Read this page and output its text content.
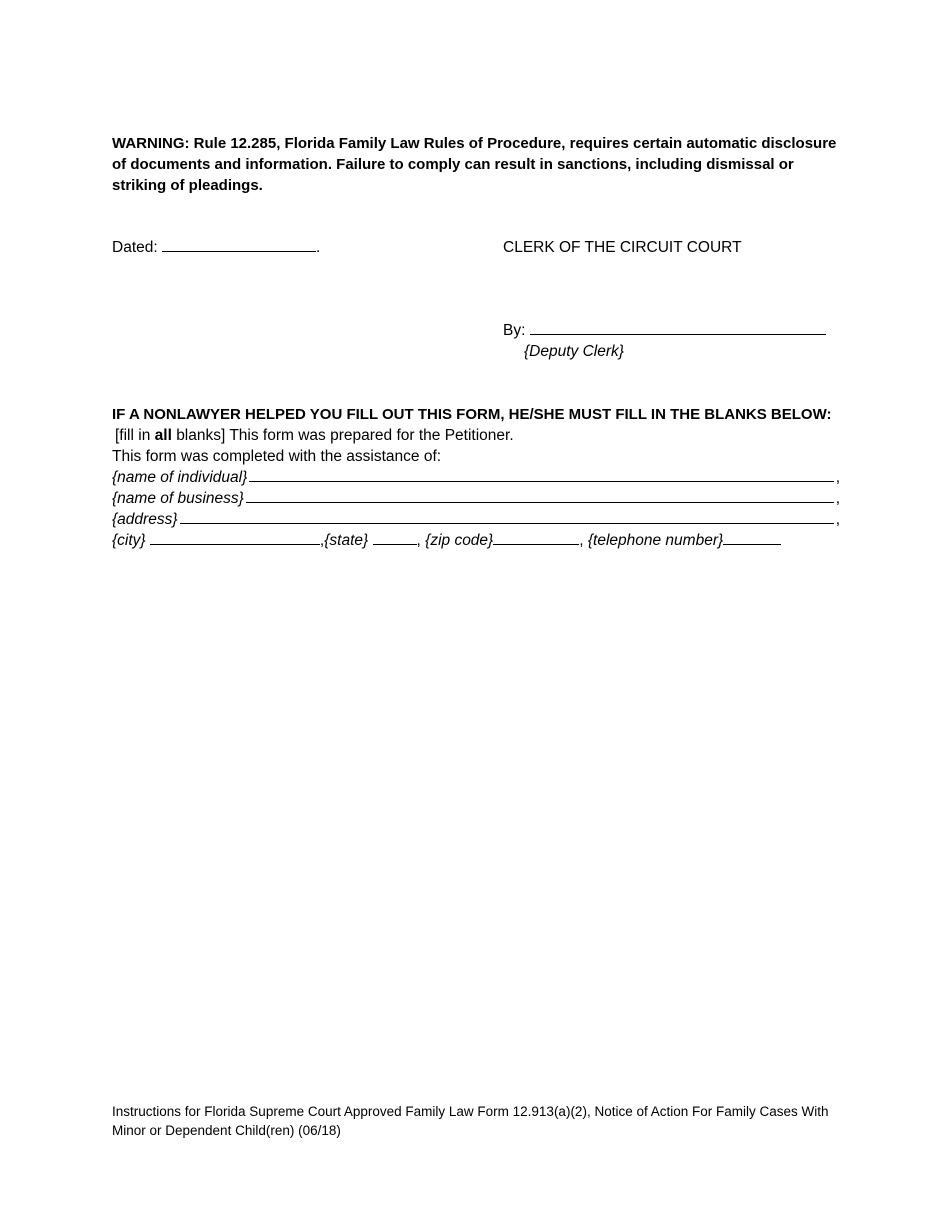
WARNING: Rule 12.285, Florida Family Law Rules of Procedure, requires certain automatic disclosure of documents and information. Failure to comply can result in sanctions, including dismissal or striking of pleadings.
Dated:	.	CLERK OF THE CIRCUIT COURT
By:
{Deputy Clerk}
IF A NONLAWYER HELPED YOU FILL OUT THIS FORM, HE/SHE MUST FILL IN THE BLANKS BELOW:
[fill in all blanks] This form was prepared for the Petitioner.
This form was completed with the assistance of:
{name of individual}	,
{name of business}	,
{address}	,
{city}	,{state}	, {zip code}	, {telephone number}
Instructions for Florida Supreme Court Approved Family Law Form 12.913(a)(2), Notice of Action For Family Cases With Minor or Dependent Child(ren) (06/18)
